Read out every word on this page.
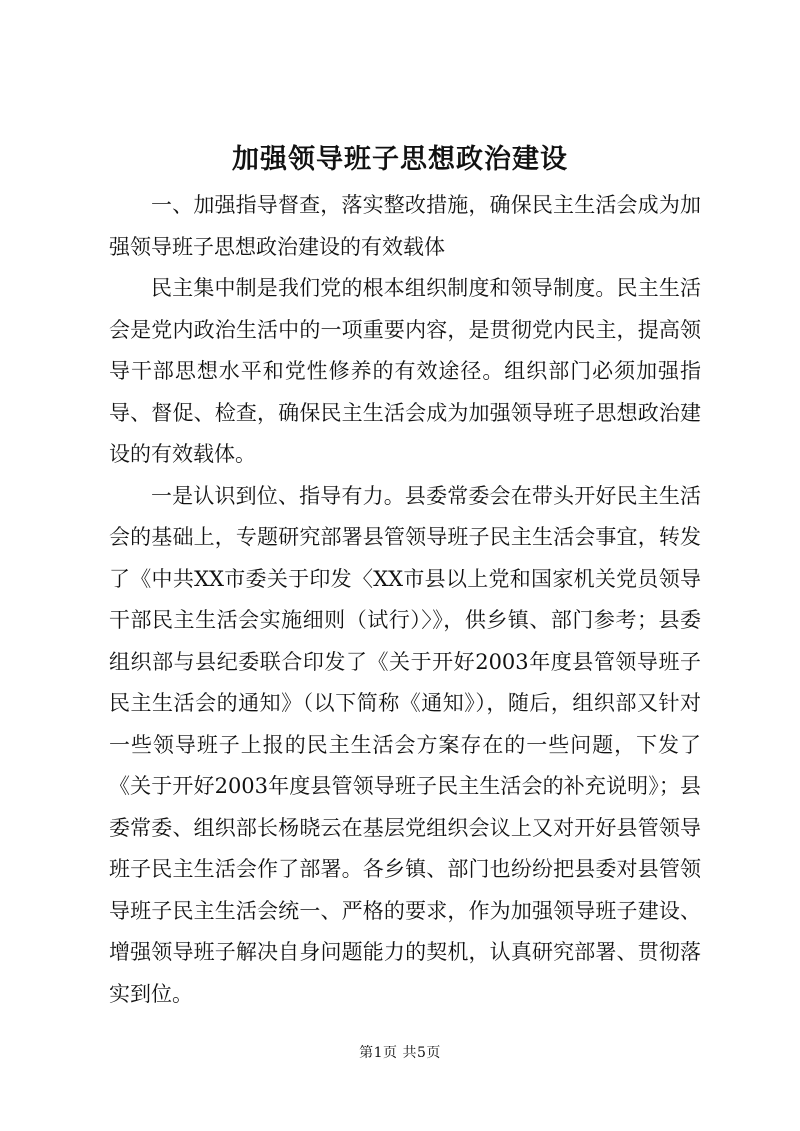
加强领导班子思想政治建设

一、加强指导督查，落实整改措施，确保民主生活会成为加强领导班子思想政治建设的有效载体

民主集中制是我们党的根本组织制度和领导制度。民主生活会是党内政治生活中的一项重要内容，是贯彻党内民主，提高领导干部思想水平和党性修养的有效途径。组织部门必须加强指导、督促、检查，确保民主生活会成为加强领导班子思想政治建设的有效载体。

一是认识到位、指导有力。县委常委会在带头开好民主生活会的基础上，专题研究部署县管领导班子民主生活会事宜，转发了《中共XX市委关于印发〈XX市县以上党和国家机关党员领导干部民主生活会实施细则（试行）〉》，供乡镇、部门参考；县委组织部与县纪委联合印发了《关于开好2003年度县管领导班子民主生活会的通知》（以下简称《通知》），随后，组织部又针对一些领导班子上报的民主生活会方案存在的一些问题，下发了《关于开好2003年度县管领导班子民主生活会的补充说明》；县委常委、组织部长杨晓云在基层党组织会议上又对开好县管领导班子民主生活会作了部署。各乡镇、部门也纷纷把县委对县管领导班子民主生活会统一、严格的要求，作为加强领导班子建设、增强领导班子解决自身问题能力的契机，认真研究部署、贯彻落实到位。

第1页 共5页
